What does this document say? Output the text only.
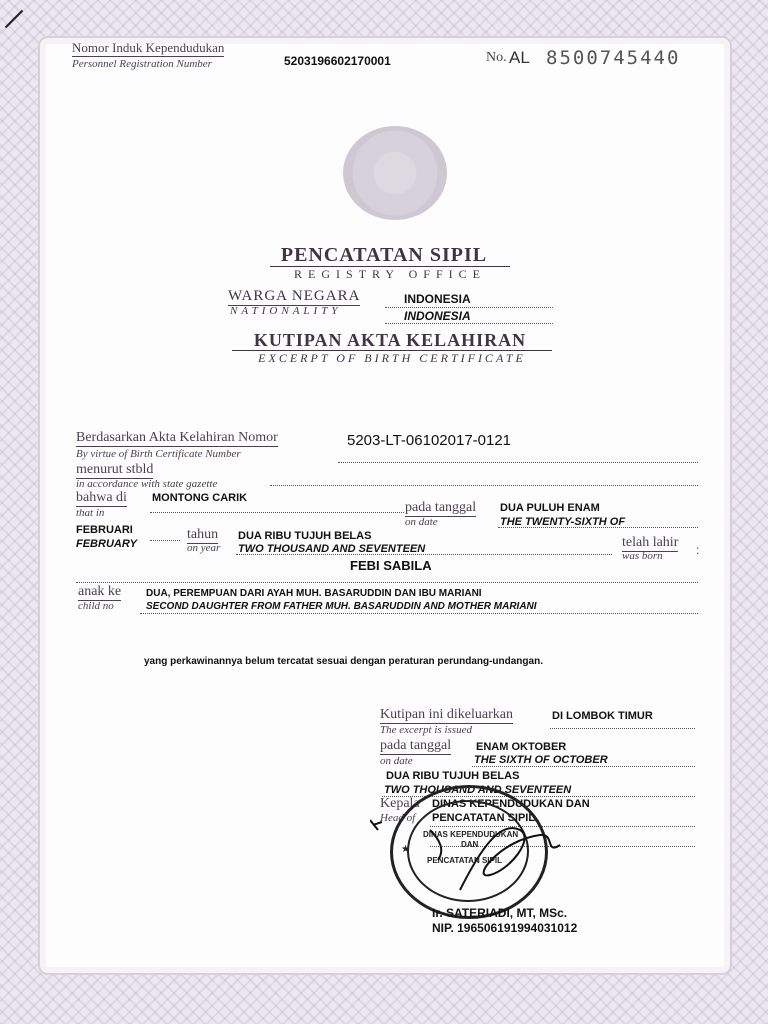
Nomor Induk Kependudukan
Personnel Registration Number	5203196602170001	No. AL 8500745440
PENCATATAN SIPIL
REGISTRY OFFICE
WARGA NEGARA
NATIONALITY
INDONESIA
INDONESIA
KUTIPAN AKTA KELAHIRAN
EXCERPT OF BIRTH CERTIFICATE
Berdasarkan Akta Kelahiran Nomor
By virtue of Birth Certificate Number
5203-LT-06102017-0121
menurut stbld
in accordance with state gazette
bahwa di
that in
MONTONG CARIK
pada tanggal
on date
DUA PULUH ENAM
THE TWENTY-SIXTH OF
FEBRUARI
FEBRUARY
tahun
on year
DUA RIBU TUJUH BELAS
TWO THOUSAND AND SEVENTEEN	telah lahir
was born	:
FEBI SABILA
anak ke
child no
DUA, PEREMPUAN DARI AYAH MUH. BASARUDDIN DAN IBU MARIANI
SECOND DAUGHTER FROM FATHER MUH. BASARUDDIN AND MOTHER MARIANI
yang perkawinannya belum tercatat sesuai dengan peraturan perundang-undangan.
Kutipan ini dikeluarkan
The excerpt is issued
DI LOMBOK TIMUR
pada tanggal
on date
ENAM OKTOBER
THE SIXTH OF OCTOBER
DUA RIBU TUJUH BELAS
TWO THOUSAND AND SEVENTEEN
Kepala
Head of
DINAS KEPENDUDUKAN DAN
PENCATATAN SIPIL
DINAS KEPENDUDUKAN
DAN
PENCATATAN SIPIL
★
Ir. SATERIADI, MT, MSc.
NIP. 196506191994031012
